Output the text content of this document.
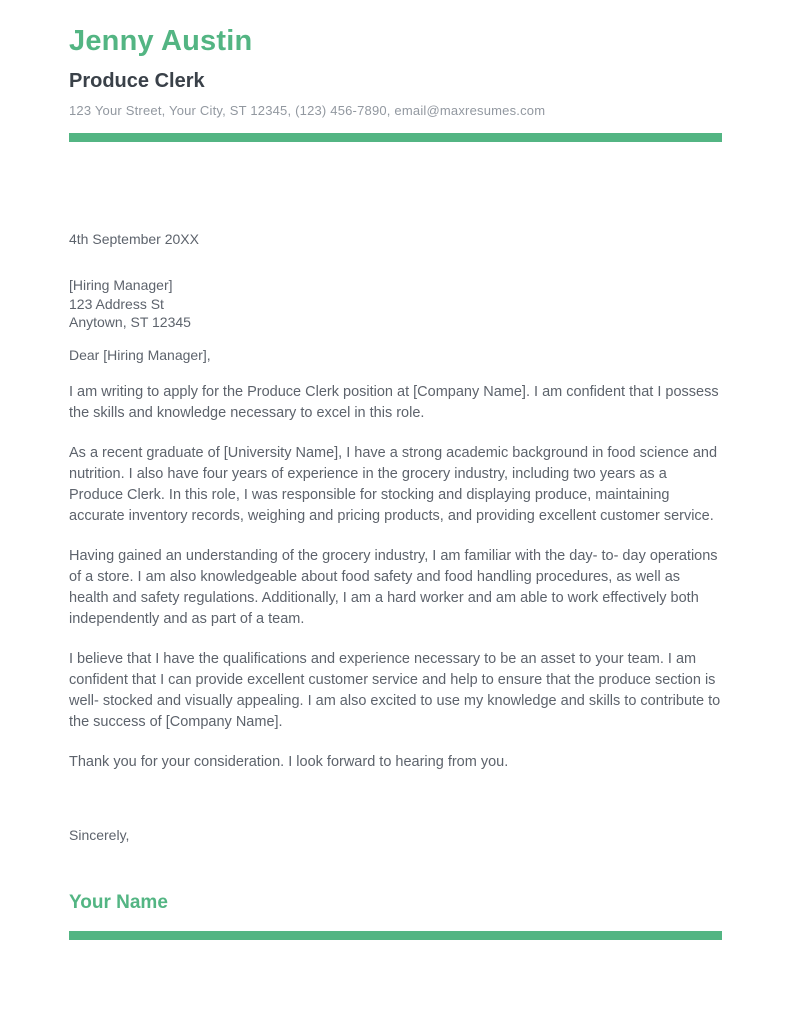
Jenny Austin
Produce Clerk
123 Your Street, Your City, ST 12345, (123) 456-7890, email@maxresumes.com
4th September 20XX
[Hiring Manager]
123 Address St
Anytown, ST 12345
Dear [Hiring Manager],

I am writing to apply for the Produce Clerk position at [Company Name]. I am confident that I possess the skills and knowledge necessary to excel in this role.

As a recent graduate of [University Name], I have a strong academic background in food science and nutrition. I also have four years of experience in the grocery industry, including two years as a Produce Clerk. In this role, I was responsible for stocking and displaying produce, maintaining accurate inventory records, weighing and pricing products, and providing excellent customer service.

Having gained an understanding of the grocery industry, I am familiar with the day- to- day operations of a store. I am also knowledgeable about food safety and food handling procedures, as well as health and safety regulations. Additionally, I am a hard worker and am able to work effectively both independently and as part of a team.

I believe that I have the qualifications and experience necessary to be an asset to your team. I am confident that I can provide excellent customer service and help to ensure that the produce section is well- stocked and visually appealing. I am also excited to use my knowledge and skills to contribute to the success of [Company Name].

Thank you for your consideration. I look forward to hearing from you.

Sincerely,
Your Name
